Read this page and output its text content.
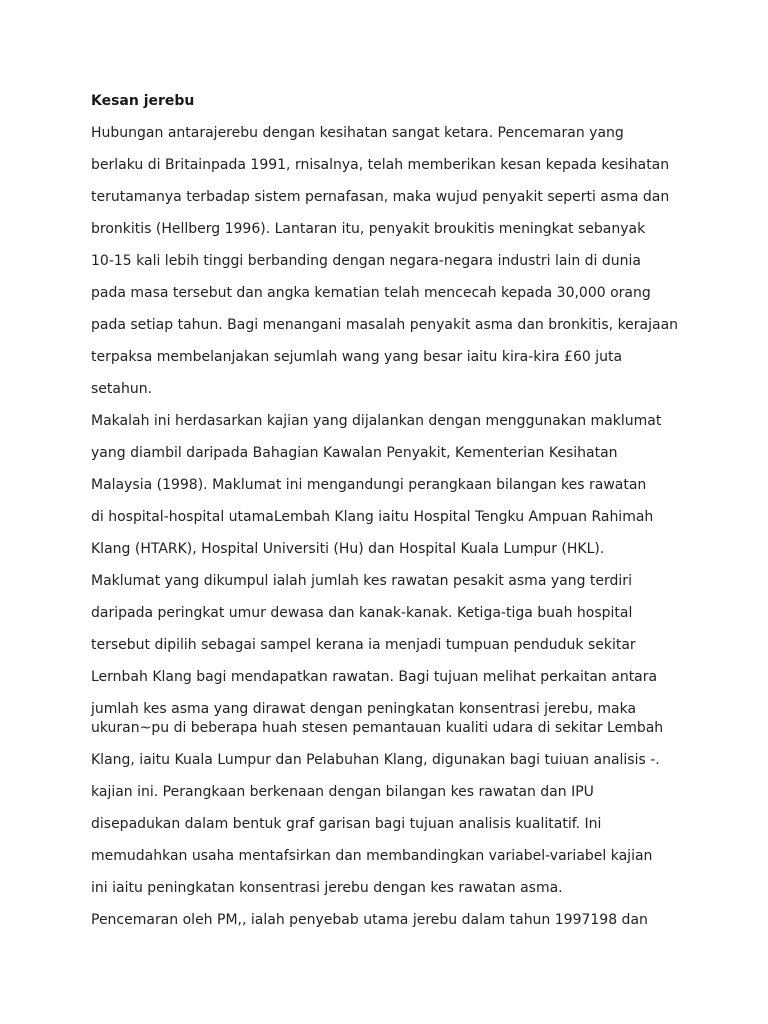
Kesan jerebu
Hubungan antarajerebu dengan kesihatan sangat ketara. Pencemaran yang
berlaku di Britainpada 1991, rnisalnya, telah memberikan kesan kepada kesihatan
terutamanya terbadap sistem pernafasan, maka wujud penyakit seperti asma dan
bronkitis (Hellberg 1996). Lantaran itu, penyakit broukitis meningkat sebanyak
10-15 kali lebih tinggi berbanding dengan negara-negara industri lain di dunia
pada masa tersebut dan angka kematian telah mencecah kepada 30,000 orang
pada setiap tahun. Bagi menangani masalah penyakit asma dan bronkitis, kerajaan
terpaksa membelanjakan sejumlah wang yang besar iaitu kira-kira £60 juta
setahun.
Makalah ini herdasarkan kajian yang dijalankan dengan menggunakan maklumat
yang diambil daripada Bahagian Kawalan Penyakit, Kementerian Kesihatan
Malaysia (1998). Maklumat ini mengandungi perangkaan bilangan kes rawatan
di hospital-hospital utamaLembah Klang iaitu Hospital Tengku Ampuan Rahimah
Klang (HTARK), Hospital Universiti (Hu) dan Hospital Kuala Lumpur (HKL).
Maklumat yang dikumpul ialah jumlah kes rawatan pesakit asma yang terdiri
daripada peringkat umur dewasa dan kanak-kanak. Ketiga-tiga buah hospital
tersebut dipilih sebagai sampel kerana ia menjadi tumpuan penduduk sekitar
Lernbah Klang bagi mendapatkan rawatan. Bagi tujuan melihat perkaitan antara
jumlah kes asma yang dirawat dengan peningkatan konsentrasi jerebu, maka
ukuran~pu di beberapa huah stesen pemantauan kualiti udara di sekitar Lembah
Klang, iaitu Kuala Lumpur dan Pelabuhan Klang, digunakan bagi tuiuan analisis -.
kajian ini. Perangkaan berkenaan dengan bilangan kes rawatan dan IPU
disepadukan dalam bentuk graf garisan bagi tujuan analisis kualitatif. Ini
memudahkan usaha mentafsirkan dan membandingkan variabel-variabel kajian
ini iaitu peningkatan konsentrasi jerebu dengan kes rawatan asma.
Pencemaran oleh PM,, ialah penyebab utama jerebu dalam tahun 1997198 dan
